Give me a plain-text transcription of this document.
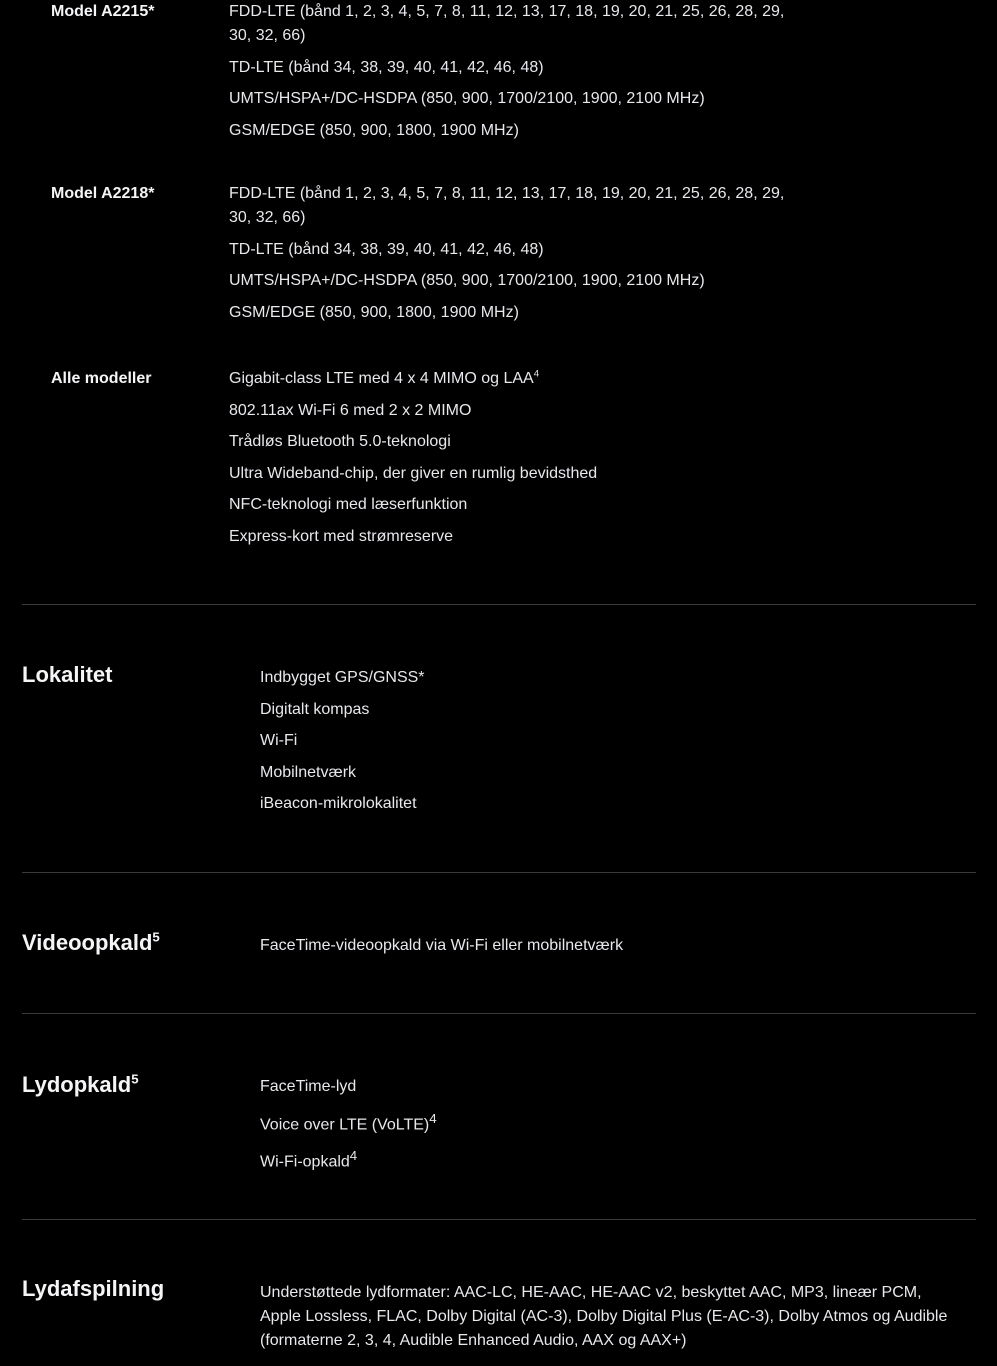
Model A2215*	FDD-LTE (bånd 1, 2, 3, 4, 5, 7, 8, 11, 12, 13, 17, 18, 19, 20, 21, 25, 26, 28, 29, 30, 32, 66)
TD-LTE (bånd 34, 38, 39, 40, 41, 42, 46, 48)
UMTS/HSPA+/DC-HSDPA (850, 900, 1700/2100, 1900, 2100 MHz)
GSM/EDGE (850, 900, 1800, 1900 MHz)
Model A2218*	FDD-LTE (bånd 1, 2, 3, 4, 5, 7, 8, 11, 12, 13, 17, 18, 19, 20, 21, 25, 26, 28, 29, 30, 32, 66)
TD-LTE (bånd 34, 38, 39, 40, 41, 42, 46, 48)
UMTS/HSPA+/DC-HSDPA (850, 900, 1700/2100, 1900, 2100 MHz)
GSM/EDGE (850, 900, 1800, 1900 MHz)
Alle modeller	Gigabit-class LTE med 4 x 4 MIMO og LAA$^4$
802.11ax Wi-Fi 6 med 2 x 2 MIMO
Trådløs Bluetooth 5.0-teknologi
Ultra Wideband-chip, der giver en rumlig bevidsthed
NFC-teknologi med læserfunktion
Express-kort med strømreserve
Lokalitet	Indbygget GPS/GNSS*
Digitalt kompas
Wi-Fi
Mobilnetværk
iBeacon-mikrolokalitet
Videoopkald$^5$	FaceTime-videoopkald via Wi-Fi eller mobilnetværk
Lydopkald$^5$	FaceTime-lyd
Voice over LTE (VoLTE)$^4$
Wi-Fi-opkald$^4$
Lydafspilning	Understøttede lydformater: AAC-LC, HE-AAC, HE-AAC v2, beskyttet AAC, MP3, lineær PCM, Apple Lossless, FLAC, Dolby Digital (AC-3), Dolby Digital Plus (E-AC-3), Dolby Atmos og Audible (formaterne 2, 3, 4, Audible Enhanced Audio, AAX og AAX+)
